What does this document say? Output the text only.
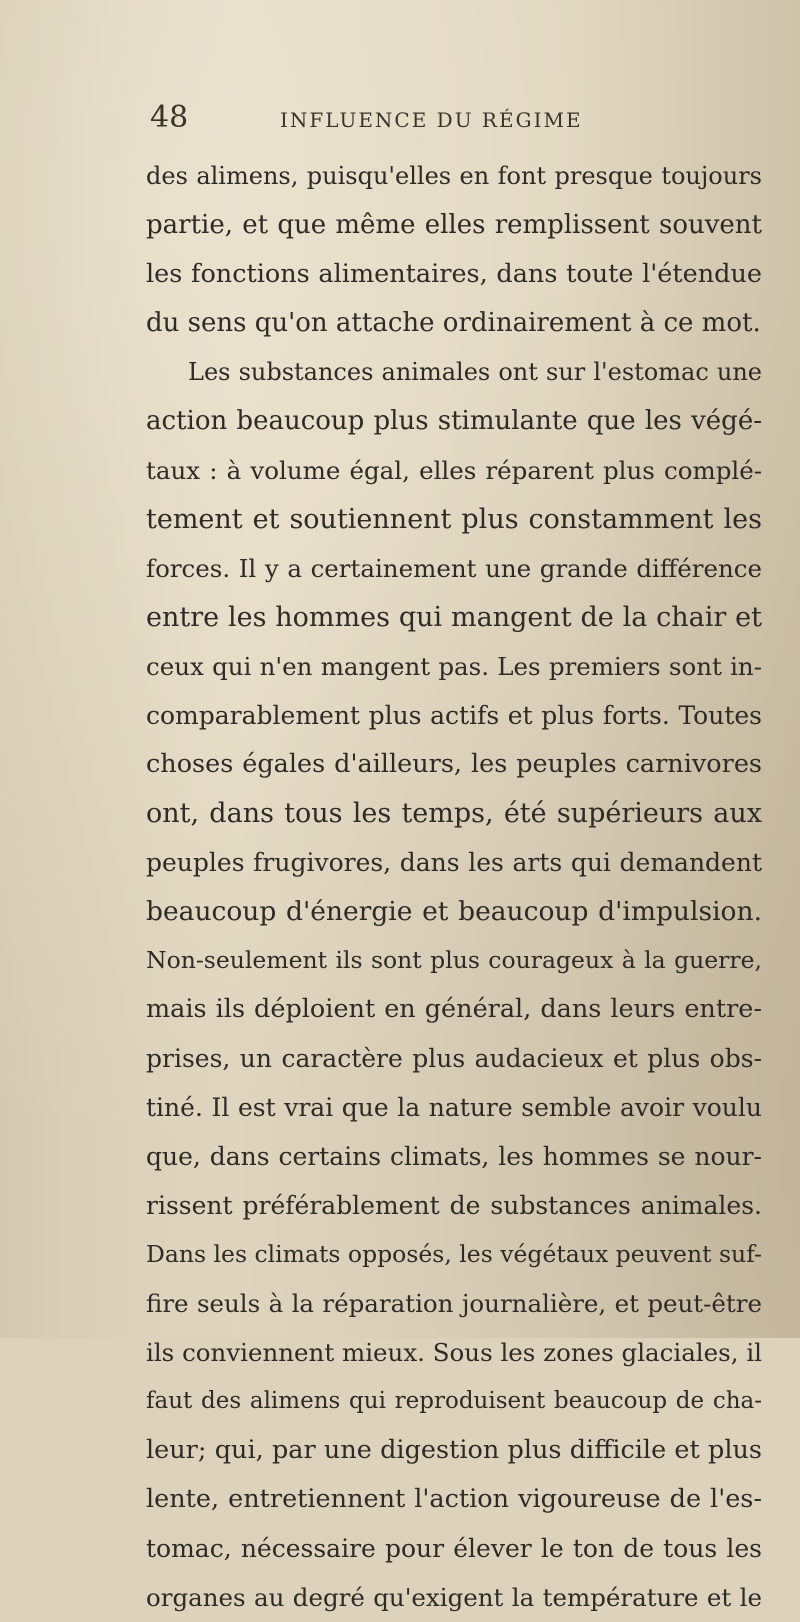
48	INFLUENCE DU RÉGIME
des alimens, puisqu'elles en font presque toujours
partie, et que même elles remplissent souvent
les fonctions alimentaires, dans toute l'étendue
du sens qu'on attache ordinairement à ce mot.
Les substances animales ont sur l'estomac une
action beaucoup plus stimulante que les végé-
taux : à volume égal, elles réparent plus complé-
tement et soutiennent plus constamment les
forces. Il y a certainement une grande différence
entre les hommes qui mangent de la chair et
ceux qui n'en mangent pas. Les premiers sont in-
comparablement plus actifs et plus forts. Toutes
choses égales d'ailleurs, les peuples carnivores
ont, dans tous les temps, été supérieurs aux
peuples frugivores, dans les arts qui demandent
beaucoup d'énergie et beaucoup d'impulsion.
Non-seulement ils sont plus courageux à la guerre,
mais ils déploient en général, dans leurs entre-
prises, un caractère plus audacieux et plus obs-
tiné. Il est vrai que la nature semble avoir voulu
que, dans certains climats, les hommes se nour-
rissent préférablement de substances animales.
Dans les climats opposés, les végétaux peuvent suf-
fire seuls à la réparation journalière, et peut-être
ils conviennent mieux. Sous les zones glaciales, il
faut des alimens qui reproduisent beaucoup de cha-
leur; qui, par une digestion plus difficile et plus
lente, entretiennent l'action vigoureuse de l'es-
tomac, nécessaire pour élever le ton de tous les
organes au degré qu'exigent la température et le
